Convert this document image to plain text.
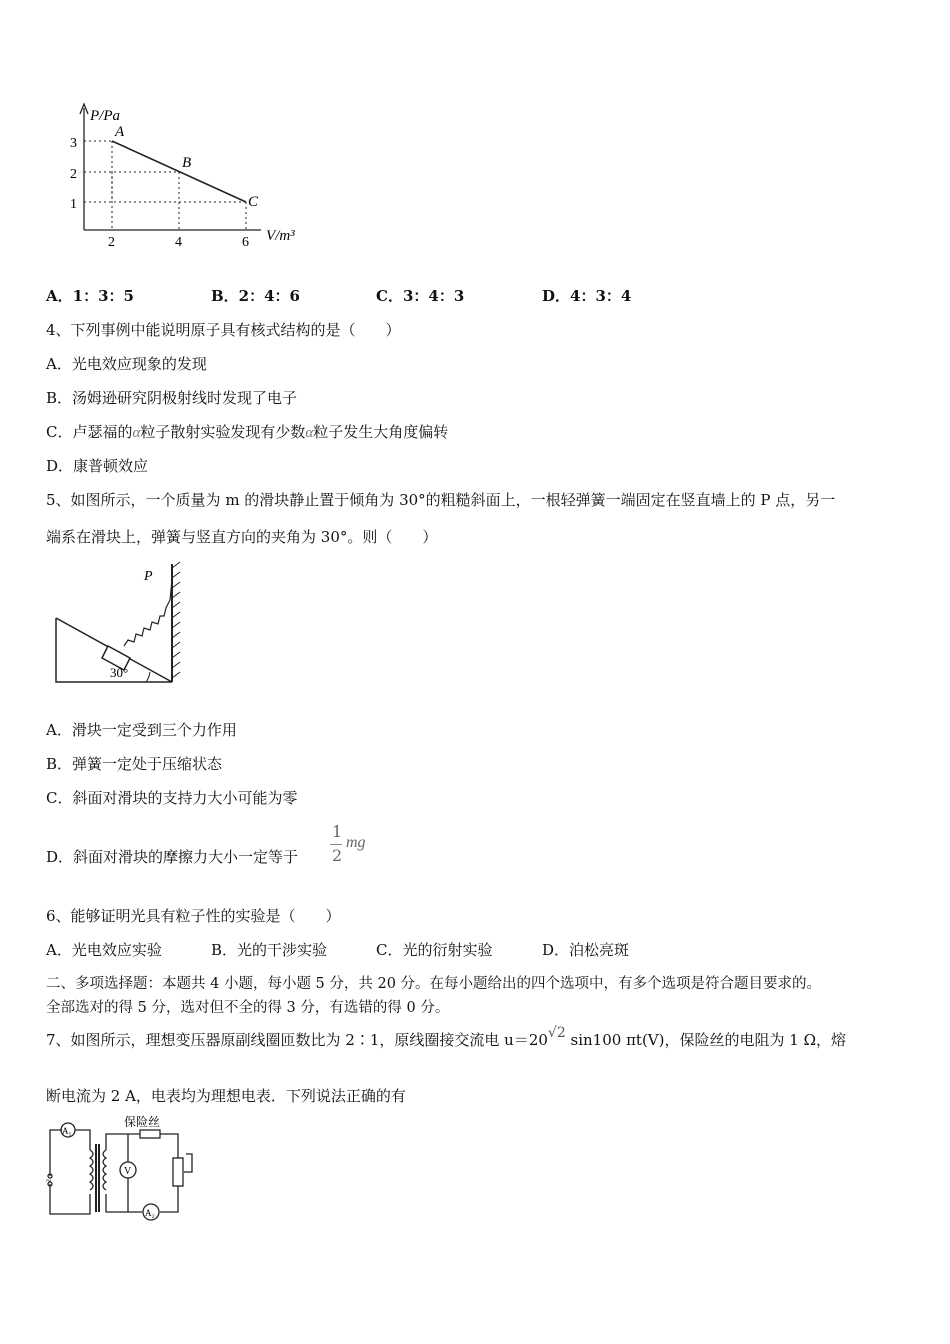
P/Pa
V/m³
3
2
1
2	4	6
A
B
C
A．1：3：5	B．2：4：6	C．3：4：3	D．4：3：4
4、下列事例中能说明原子具有核式结构的是（　　）
A．光电效应现象的发现
B．汤姆逊研究阴极射线时发现了电子
C．卢瑟福的α粒子散射实验发现有少数α粒子发生大角度偏转
D．康普顿效应
5、如图所示，一个质量为 m 的滑块静止置于倾角为 30°的粗糙斜面上，一根轻弹簧一端固定在竖直墙上的 P 点，另一
端系在滑块上，弹簧与竖直方向的夹角为 30°。则（　　）
P
30°
A．滑块一定受到三个力作用
B．弹簧一定处于压缩状态
C．斜面对滑块的支持力大小可能为零
D．斜面对滑块的摩擦力大小一定等于
1
2
mg
6、能够证明光具有粒子性的实验是（　　）
A．光电效应实验	B．光的干涉实验	C．光的衍射实验	D．泊松亮斑
二、多项选择题：本题共 4 小题，每小题 5 分，共 20 分。在每小题给出的四个选项中，有多个选项是符合题目要求的。
全部选对的得 5 分，选对但不全的得 3 分，有选错的得 0 分。
7、如图所示，理想变压器原副线圈匝数比为 2∶1，原线圈接交流电 u＝20√2 sin100 πt(V)，保险丝的电阻为 1 Ω，熔
断电流为 2 A，电表均为理想电表．下列说法正确的有
保险丝
A₁
A₂
V
~
